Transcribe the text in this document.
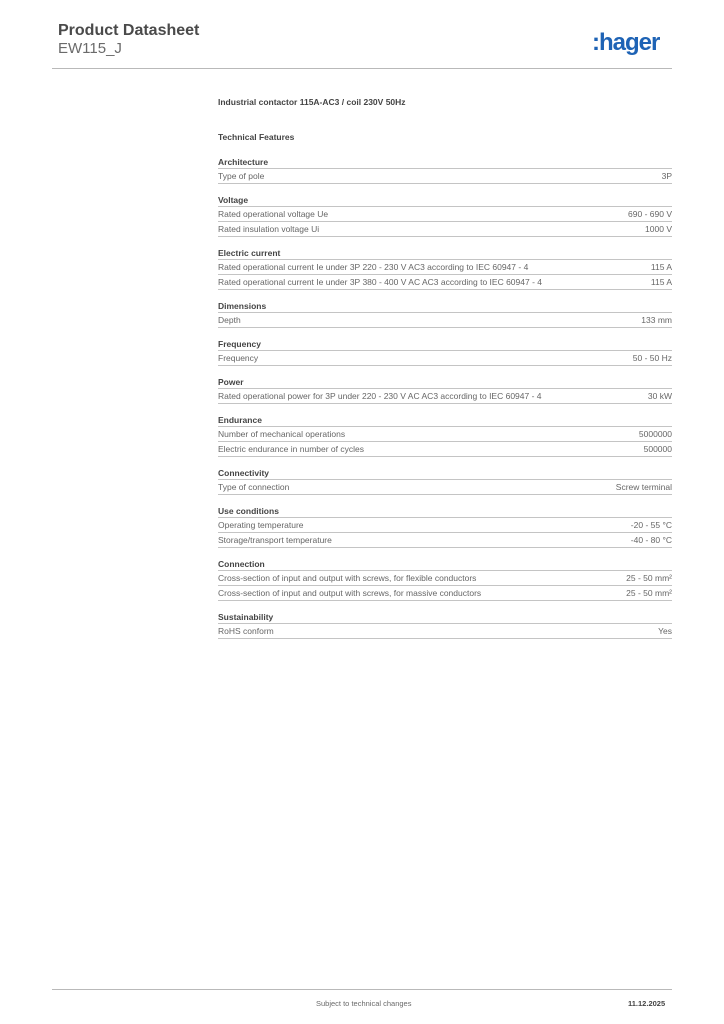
Product Datasheet
EW115_J	:hager
Industrial contactor 115A-AC3 / coil 230V 50Hz
Technical Features
Architecture
Type of pole	3P
Voltage
Rated operational voltage Ue	690 - 690 V
Rated insulation voltage Ui	1000 V
Electric current
Rated operational current Ie under 3P 220 - 230 V AC3 according to IEC 60947 - 4	115 A
Rated operational current Ie under 3P 380 - 400 V AC AC3 according to IEC 60947 - 4	115 A
Dimensions
Depth	133 mm
Frequency
Frequency	50 - 50 Hz
Power
Rated operational power for 3P under 220 - 230 V AC AC3 according to IEC 60947 - 4	30 kW
Endurance
Number of mechanical operations	5000000
Electric endurance in number of cycles	500000
Connectivity
Type of connection	Screw terminal
Use conditions
Operating temperature	-20 - 55 °C
Storage/transport temperature	-40 - 80 °C
Connection
Cross-section of input and output with screws, for flexible conductors	25 - 50 mm²
Cross-section of input and output with screws, for massive conductors	25 - 50 mm²
Sustainability
RoHS conform	Yes
Subject to technical changes	11.12.2025
